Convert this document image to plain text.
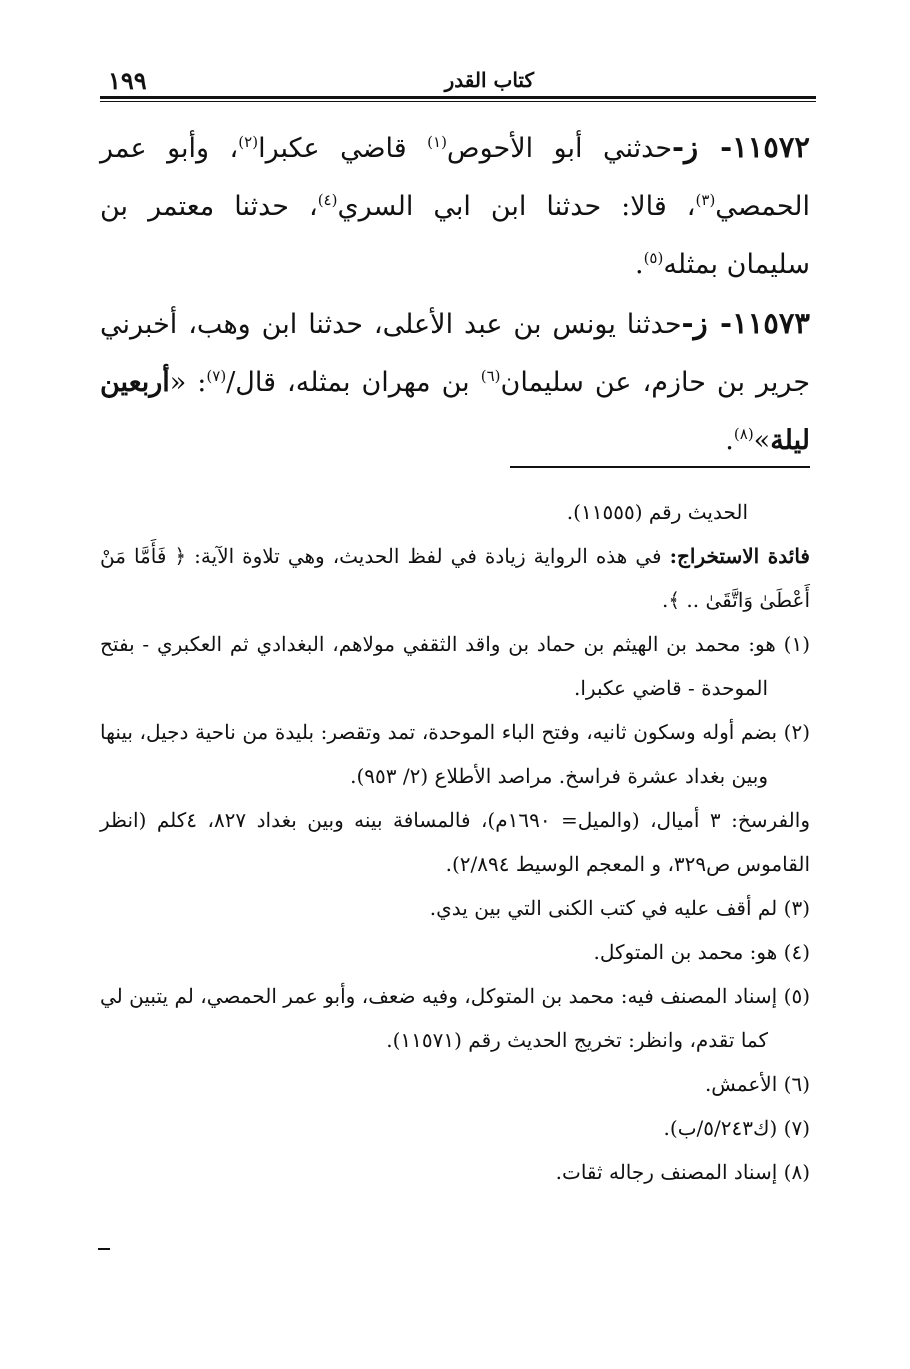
كتاب القدر
١٩٩

١١٥٧٢- ز-حدثني أبو الأحوص$^{(١)}$ قاضي عكبرا$^{(٢)}$، وأبو عمر الحمصي$^{(٣)}$، قالا: حدثنا ابن ابي السري$^{(٤)}$، حدثنا معتمر بن سليمان بمثله$^{(٥)}$.

١١٥٧٣- ز-حدثنا يونس بن عبد الأعلى، حدثنا ابن وهب، أخبرني جرير بن حازم، عن سليمان$^{(٦)}$ بن مهران بمثله، قال/$^{(٧)}$: «أربعين ليلة»$^{(٨)}$.

الحديث رقم (١١٥٥٥).

فائدة الاستخراج: في هذه الرواية زيادة في لفظ الحديث، وهي تلاوة الآية: ﴿ فَأَمَّا مَنْ أَعْطَىٰ وَاتَّقَىٰ .. ﴾.

(١) هو: محمد بن الهيثم بن حماد بن واقد الثقفي مولاهم، البغدادي ثم العكبري - بفتح الموحدة - قاضي عكبرا.

(٢) بضم أوله وسكون ثانيه، وفتح الباء الموحدة، تمد وتقصر: بليدة من ناحية دجيل، بينها وبين بغداد عشرة فراسخ. مراصد الأطلاع (٢/ ٩٥٣).

والفرسخ: ٣ أميال، (والميل= ١٦٩٠م)، فالمسافة بينه وبين بغداد ٨٢٧، ٤كلم (انظر القاموس ص٣٢٩، و المعجم الوسيط ٢/٨٩٤).

(٣) لم أقف عليه في كتب الكنى التي بين يدي.

(٤) هو: محمد بن المتوكل.

(٥) إسناد المصنف فيه: محمد بن المتوكل، وفيه ضعف، وأبو عمر الحمصي، لم يتبين لي كما تقدم، وانظر: تخريج الحديث رقم (١١٥٧١).

(٦) الأعمش.

(٧) (ك٥/٢٤٣/ب).

(٨) إسناد المصنف رجاله ثقات.
